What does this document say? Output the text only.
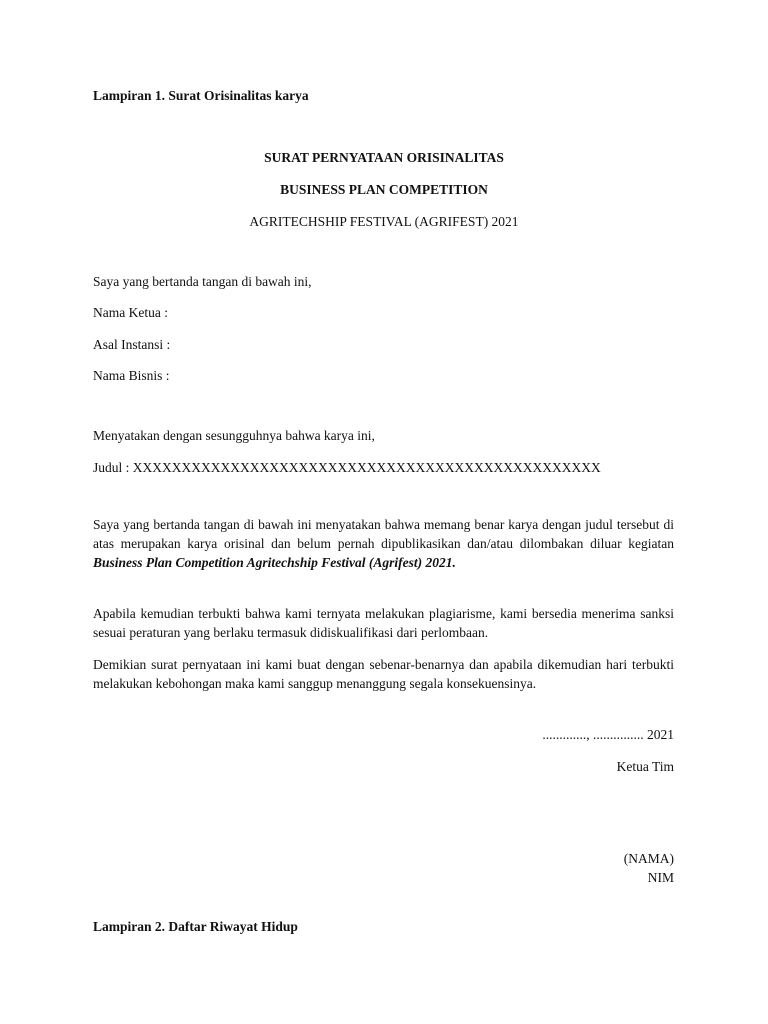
Lampiran 1. Surat Orisinalitas karya
SURAT PERNYATAAN ORISINALITAS
BUSINESS PLAN COMPETITION
AGRITECHSHIP FESTIVAL (AGRIFEST) 2021
Saya yang bertanda tangan di bawah ini,
Nama Ketua :
Asal Instansi :
Nama Bisnis :
Menyatakan dengan sesungguhnya bahwa karya ini,
Judul : XXXXXXXXXXXXXXXXXXXXXXXXXXXXXXXXXXXXXXXXXXXXXXXX
Saya yang bertanda tangan di bawah ini menyatakan bahwa memang benar karya dengan judul tersebut di atas merupakan karya orisinal dan belum pernah dipublikasikan dan/atau dilombakan diluar kegiatan Business Plan Competition Agritechship Festival (Agrifest) 2021.
Apabila kemudian terbukti bahwa kami ternyata melakukan plagiarisme, kami bersedia menerima sanksi sesuai peraturan yang berlaku termasuk didiskualifikasi dari perlombaan.
Demikian surat pernyataan ini kami buat dengan sebenar-benarnya dan apabila dikemudian hari terbukti melakukan kebohongan maka kami sanggup menanggung segala konsekuensinya.
............., ............... 2021
Ketua Tim
(NAMA)
NIM
Lampiran 2. Daftar Riwayat Hidup
